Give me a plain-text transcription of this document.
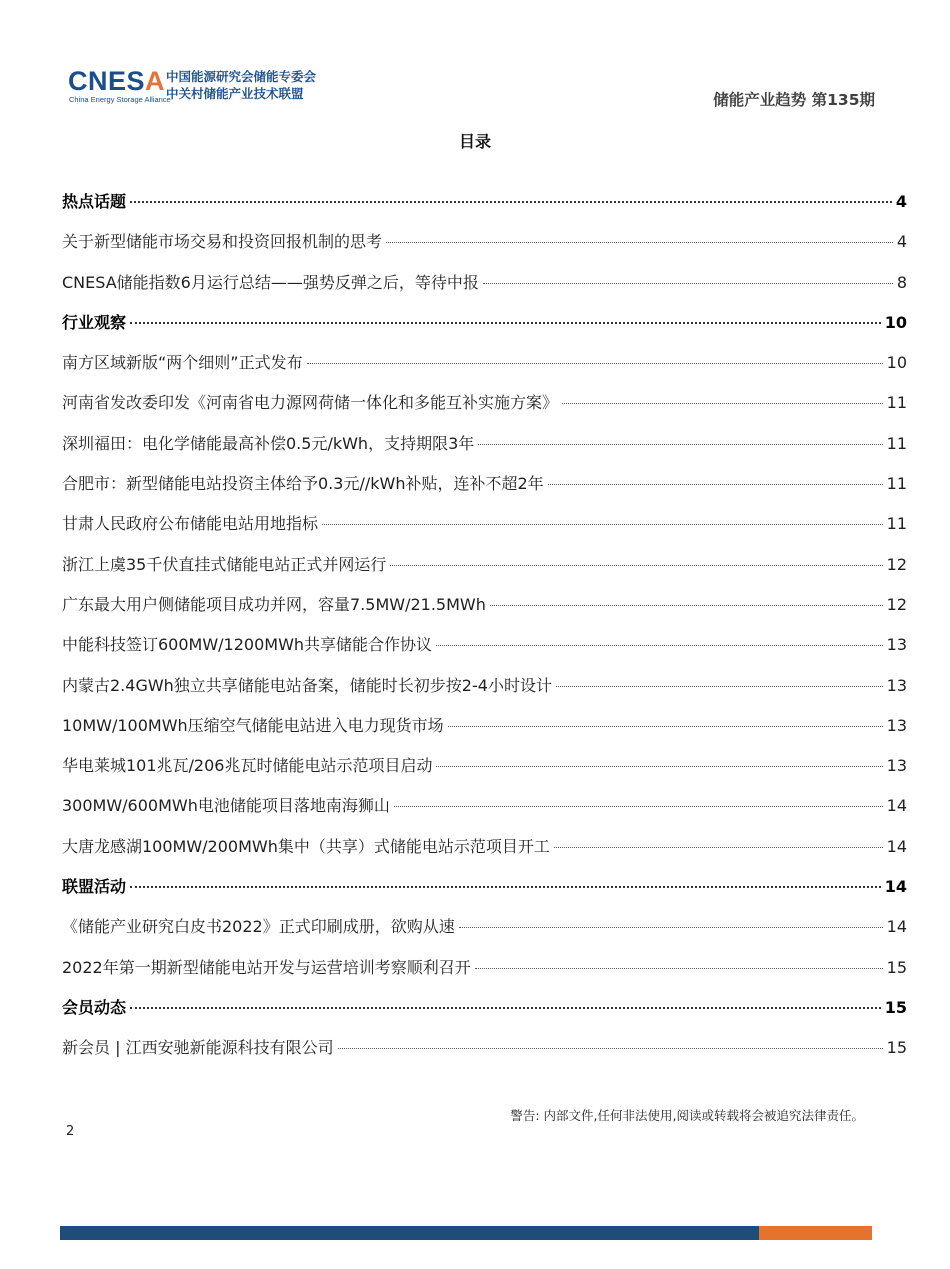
CNESA
China Energy Storage Alliance
中国能源研究会储能专委会
中关村储能产业技术联盟	储能产业趋势 第135期
目录
热点话题	4
关于新型储能市场交易和投资回报机制的思考	4
CNESA储能指数6月运行总结——强势反弹之后，等待中报	8
行业观察	10
南方区域新版“两个细则”正式发布	10
河南省发改委印发《河南省电力源网荷储一体化和多能互补实施方案》	11
深圳福田：电化学储能最高补偿0.5元/kWh，支持期限3年	11
合肥市：新型储能电站投资主体给予0.3元//kWh补贴，连补不超2年	11
甘肃人民政府公布储能电站用地指标	11
浙江上虞35千伏直挂式储能电站正式并网运行	12
广东最大用户侧储能项目成功并网，容量7.5MW/21.5MWh	12
中能科技签订600MW/1200MWh共享储能合作协议	13
内蒙古2.4GWh独立共享储能电站备案，储能时长初步按2-4小时设计	13
10MW/100MWh压缩空气储能电站进入电力现货市场	13
华电莱城101兆瓦/206兆瓦时储能电站示范项目启动	13
300MW/600MWh电池储能项目落地南海狮山	14
大唐龙感湖100MW/200MWh集中（共享）式储能电站示范项目开工	14
联盟活动	14
《储能产业研究白皮书2022》正式印刷成册，欲购从速	14
2022年第一期新型储能电站开发与运营培训考察顺利召开	15
会员动态	15
新会员 | 江西安驰新能源科技有限公司	15
警告: 内部文件,任何非法使用,阅读或转载将会被追究法律责任。
2
